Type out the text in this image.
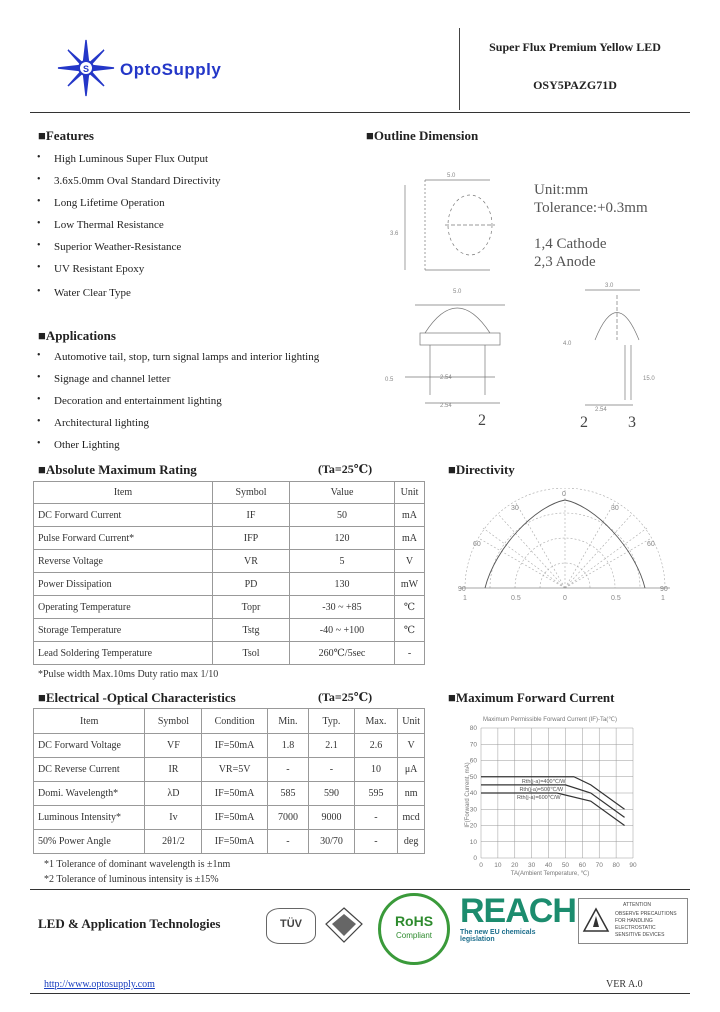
S OptoSupply
Super Flux Premium Yellow LED
OSY5PAZG71D
■Features
• High Luminous Super Flux Output
• 3.6x5.0mm Oval Standard Directivity
• Long Lifetime Operation
• Low Thermal Resistance
• Superior Weather-Resistance
• UV Resistant Epoxy
• Water Clear Type
■Applications
• Automotive tail, stop, turn signal lamps and interior lighting
• Signage and channel letter
• Decoration and entertainment lighting
• Architectural lighting
• Other Lighting
■Outline Dimension
5.0
3.6
5.0
0.5	2.54
2.54
3.0
4.0
15.0
2.54
Unit:mm
Tolerance:+0.3mm
1,4 Cathode
2,3 Anode
2	2	3
■Absolute Maximum Rating	(Ta=25℃)
Item	Symbol	Value	Unit
DC Forward Current	IF	50	mA
Pulse Forward Current*	IFP	120	mA
Reverse Voltage	VR	5	V
Power Dissipation	PD	130	mW
Operating Temperature	Topr	-30 ~ +85	℃
Storage Temperature	Tstg	-40 ~ +100	℃
Lead Soldering Temperature	Tsol	260℃/5sec	-
*Pulse width Max.10ms Duty ratio max 1/10
■Directivity
0
30	30
60	60
90	90
1	0.5	0	0.5	1
■Electrical -Optical Characteristics	(Ta=25℃)
Item	Symbol	Condition	Min.	Typ.	Max.	Unit
DC Forward Voltage	VF	IF=50mA	1.8	2.1	2.6	V
DC Reverse Current	IR	VR=5V	-	-	10	μA
Domi. Wavelength*	λD	IF=50mA	585	590	595	nm
Luminous Intensity*	Iv	IF=50mA	7000	9000	-	mcd
50% Power Angle	2θ1/2	IF=50mA	-	30/70	-	deg
*1 Tolerance of dominant wavelength is ±1nm
*2 Tolerance of luminous intensity is ±15%
■Maximum Forward Current
Maximum Permissible Forward Current (IF)-Ta(℃)
TA(Ambient Temperature, ℃)
IF(Forward Current, mA)
0 10 20 30 40 50 60 70 80 90
0
10
20
30
40
50
60
70
80
Rth(j-a)=400℃/W
Rth(j-a)=500℃/W
Rth(j-a)=600℃/W
LED & Application Technologies	TÜV	RoHS
Compliant
REACH
The new EU chemicals legislation
ATTENTION
OBSERVE PRECAUTIONS
FOR HANDLING
ELECTROSTATIC
SENSITIVE DEVICES
http://www.optosupply.com	VER A.0
